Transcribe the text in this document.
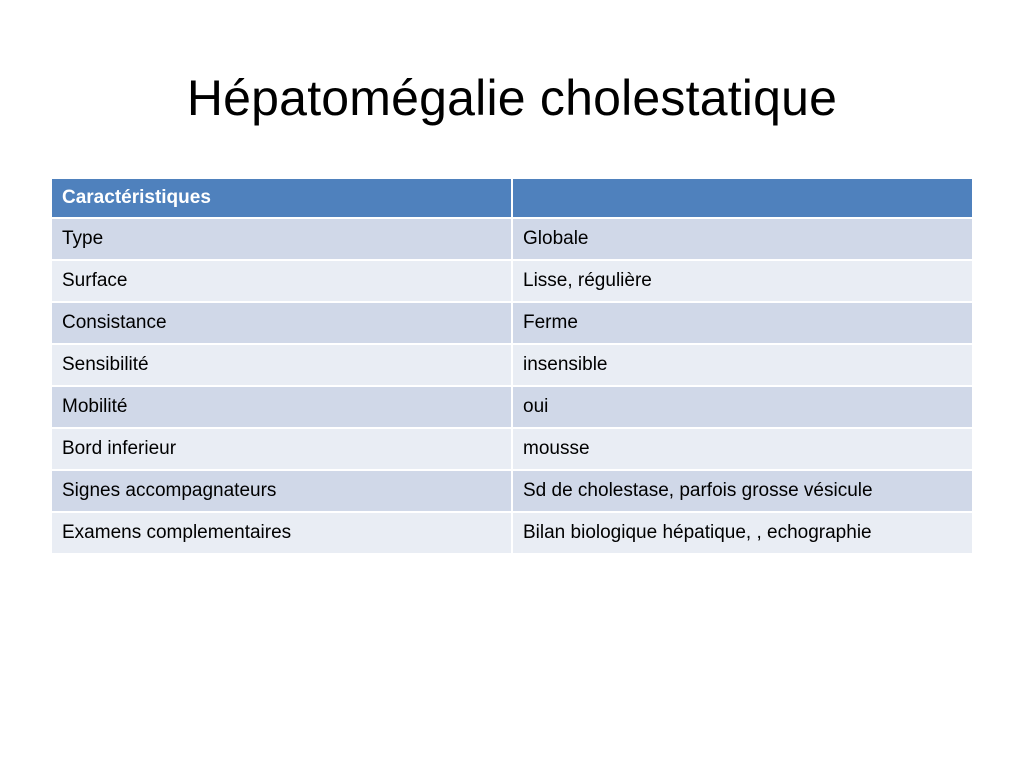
Hépatomégalie cholestatique
Caractéristiques	
Type	Globale
Surface	Lisse, régulière
Consistance	Ferme
Sensibilité	insensible
Mobilité	oui
Bord inferieur	mousse
Signes accompagnateurs	Sd de cholestase, parfois grosse vésicule
Examens complementaires	Bilan biologique hépatique, , echographie
